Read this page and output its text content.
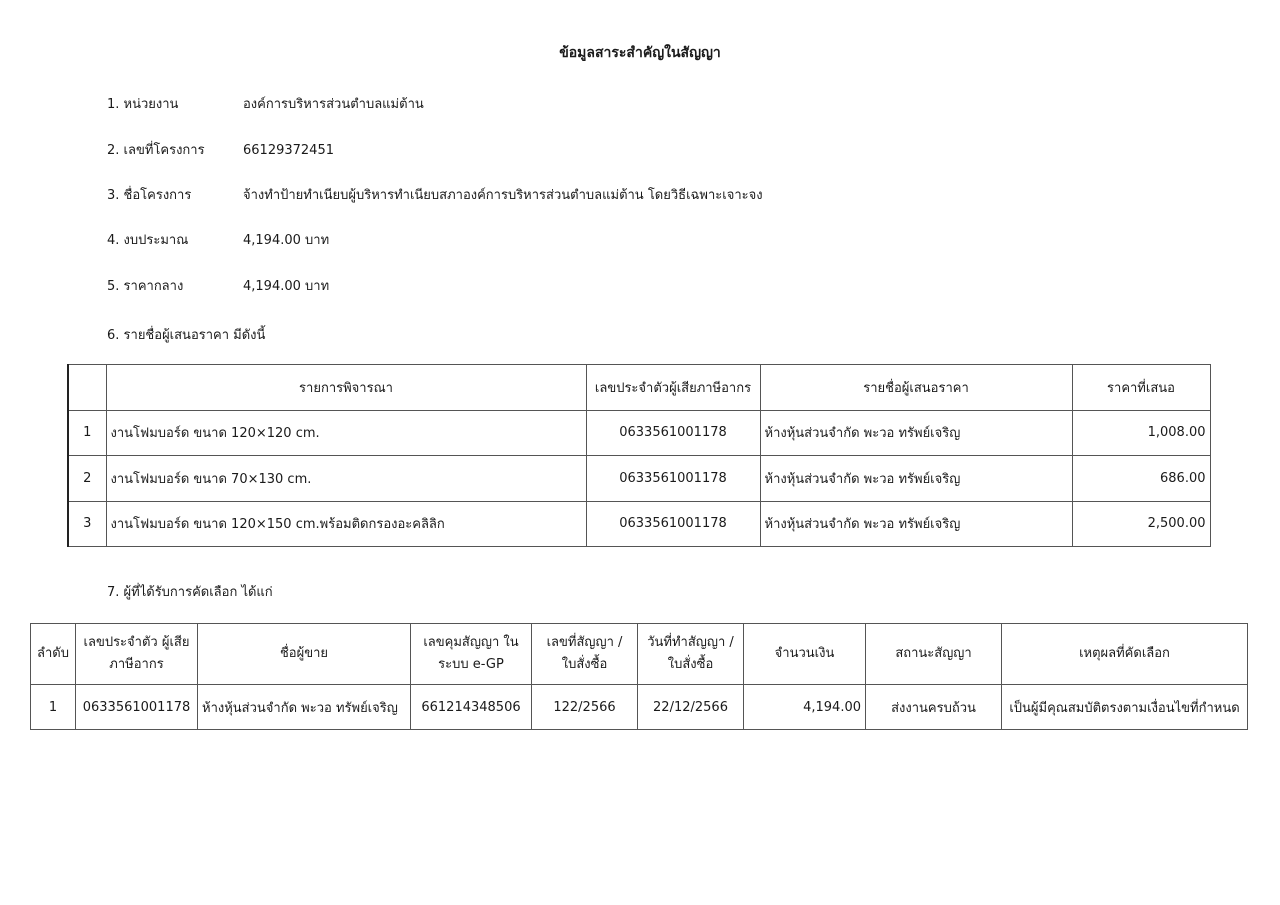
ข้อมูลสาระสำคัญในสัญญา
1. หน่วยงาน	องค์การบริหารส่วนตำบลแม่ต้าน
2. เลขที่โครงการ	66129372451
3. ชื่อโครงการ	จ้างทำป้ายทำเนียบผู้บริหารทำเนียบสภาองค์การบริหารส่วนตำบลแม่ต้าน โดยวิธีเฉพาะเจาะจง
4. งบประมาณ	4,194.00 บาท
5. ราคากลาง	4,194.00 บาท
6. รายชื่อผู้เสนอราคา มีดังนี้
	รายการพิจารณา	เลขประจำตัวผู้เสียภาษีอากร	รายชื่อผู้เสนอราคา	ราคาที่เสนอ
1	งานโฟมบอร์ด ขนาด 120×120 cm.	0633561001178	ห้างหุ้นส่วนจำกัด พะวอ ทรัพย์เจริญ	1,008.00
2	งานโฟมบอร์ด ขนาด 70×130 cm.	0633561001178	ห้างหุ้นส่วนจำกัด พะวอ ทรัพย์เจริญ	686.00
3	งานโฟมบอร์ด ขนาด 120×150 cm.พร้อมติดกรองอะคลิลิก	0633561001178	ห้างหุ้นส่วนจำกัด พะวอ ทรัพย์เจริญ	2,500.00
7. ผู้ที่ได้รับการคัดเลือก ได้แก่
ลำดับ	เลขประจำตัว ผู้เสียภาษีอากร	ชื่อผู้ขาย	เลขคุมสัญญา ในระบบ e-GP	เลขที่สัญญา / ใบสั่งซื้อ	วันที่ทำสัญญา / ใบสั่งซื้อ	จำนวนเงิน	สถานะสัญญา	เหตุผลที่คัดเลือก
1	0633561001178	ห้างหุ้นส่วนจำกัด พะวอ ทรัพย์เจริญ	661214348506	122/2566	22/12/2566	4,194.00	ส่งงานครบถ้วน	เป็นผู้มีคุณสมบัติตรงตามเงื่อนไขที่กำหนด
